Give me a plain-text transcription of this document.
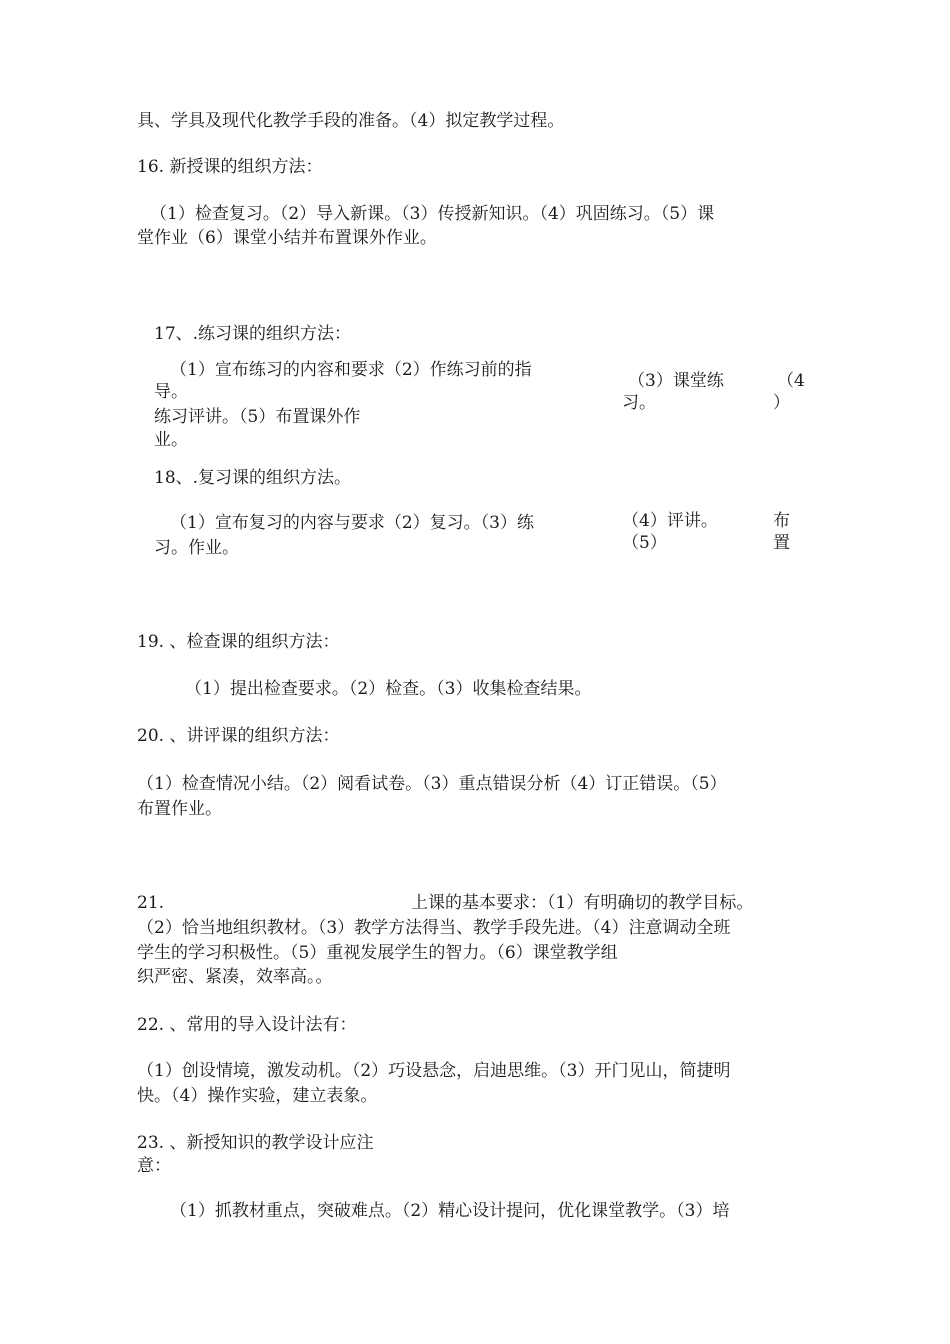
具、学具及现代化教学手段的准备。（4）拟定教学过程。

16. 新授课的组织方法：

（1）检查复习。（2）导入新课。（3）传授新知识。（4）巩固练习。（5）课

堂作业（6）课堂小结并布置课外作业。

17、.练习课的组织方法：

（1）宣布练习的内容和要求（2）作练习前的指

导。

练习评讲。（5）布置课外作

业。

（3）课堂练

习。

（4

）

18、.复习课的组织方法。

（1）宣布复习的内容与要求（2）复习。（3）练

习。作业。

（4）评讲。

（5）

布

置

19. 、检查课的组织方法：

（1）提出检查要求。（2）检查。（3）收集检查结果。

20. 、讲评课的组织方法：

（1）检查情况小结。（2）阅看试卷。（3）重点错误分析（4）订正错误。（5）

布置作业。

21.	上课的基本要求：（1）有明确切的教学目标。

（2）恰当地组织教材。（3）教学方法得当、教学手段先进。（4）注意调动全班

学生的学习积极性。（5）重视发展学生的智力。（6）课堂教学组

织严密、紧凑，效率高。。

22. 、常用的导入设计法有：

（1）创设情境，激发动机。（2）巧设悬念，启迪思维。（3）开门见山，简捷明

快。（4）操作实验，建立表象。

23. 、新授知识的教学设计应注

意：

（1）抓教材重点，突破难点。（2）精心设计提问，优化课堂教学。（3）培
